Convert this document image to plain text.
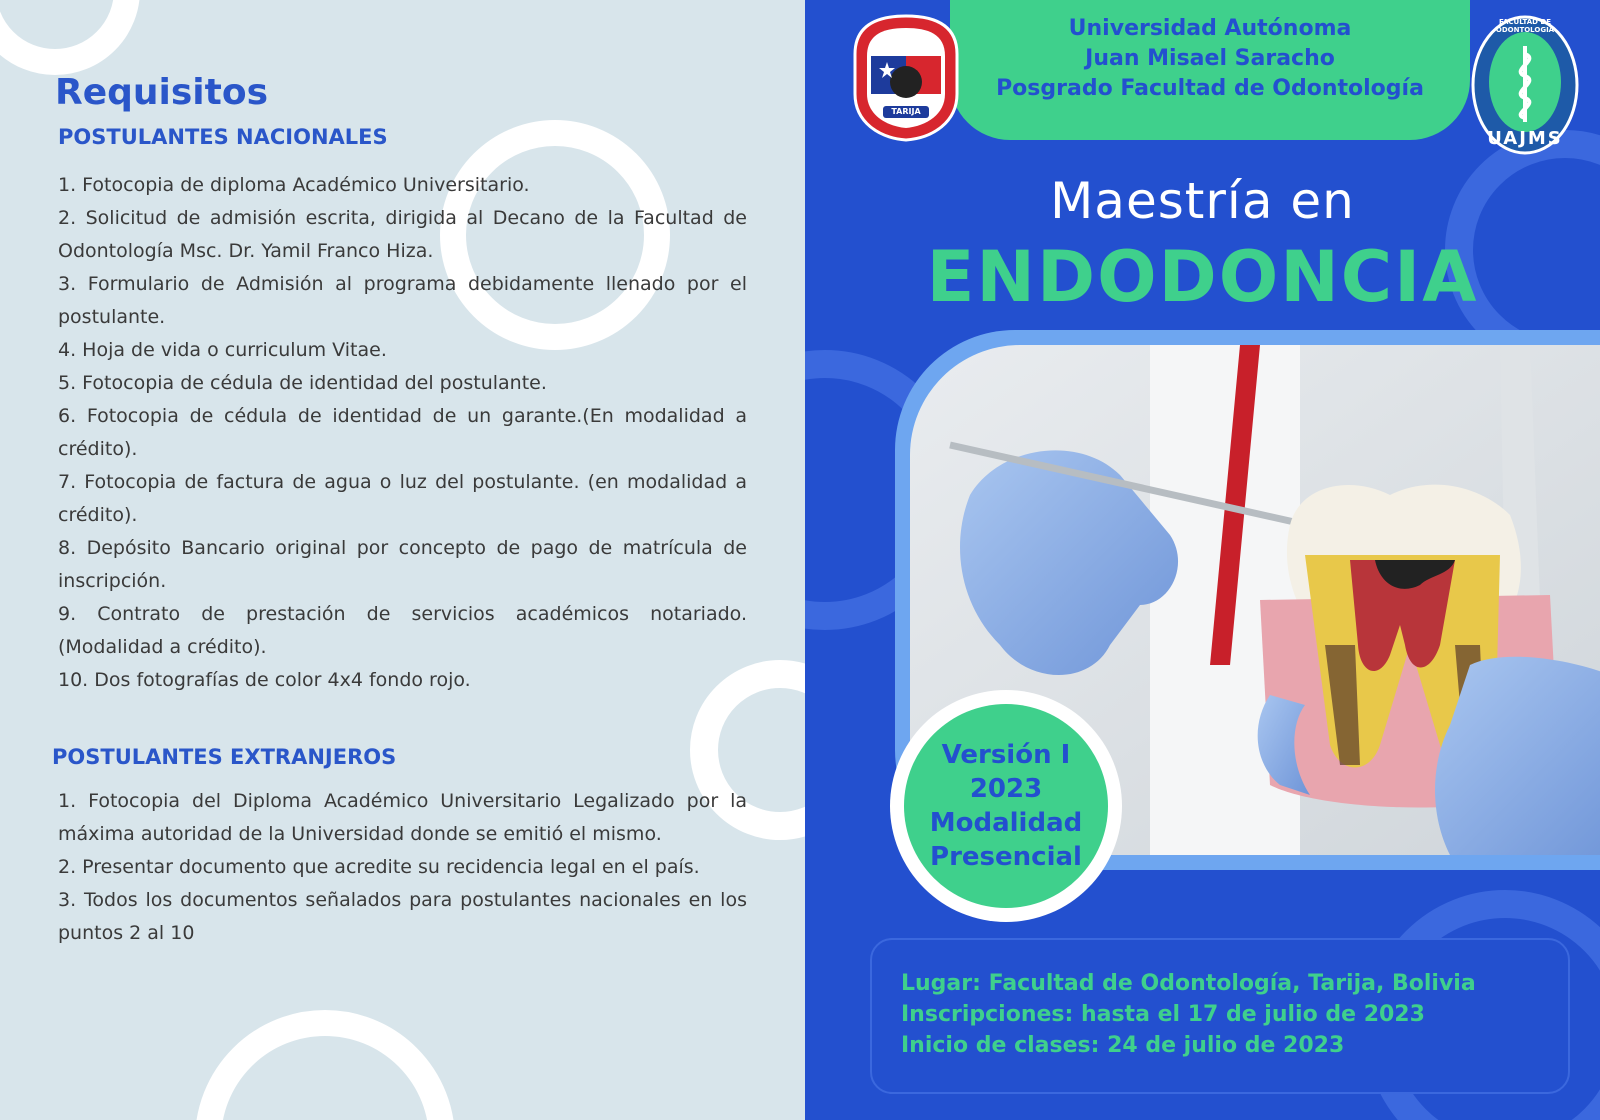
Requisitos
POSTULANTES NACIONALES
1. Fotocopia de diploma Académico Universitario.
2. Solicitud de admisión escrita, dirigida al Decano de la Facultad de Odontología Msc. Dr. Yamil Franco Hiza.
3. Formulario de Admisión al programa debidamente llenado por el postulante.
4. Hoja de vida o curriculum Vitae.
5. Fotocopia de cédula de identidad del postulante.
6. Fotocopia de cédula de identidad de un garante.(En modalidad a crédito).
7. Fotocopia de factura de agua o luz del postulante. (en modalidad a crédito).
8. Depósito Bancario original por concepto de pago de matrícula de inscripción.
9. Contrato de prestación de servicios académicos notariado. (Modalidad a crédito).
10. Dos fotografías de color 4x4 fondo rojo.
POSTULANTES EXTRANJEROS
1. Fotocopia del Diploma Académico Universitario Legalizado por la máxima autoridad de la Universidad donde se emitió el mismo.
2. Presentar documento que acredite su recidencia legal en el país.
3. Todos los documentos señalados para postulantes nacionales en los puntos 2 al 10
Universidad Autónoma
Juan Misael Saracho
Posgrado Facultad de Odontología
TARIJA
FACULTAD DE ODONTOLOGIA
UAJMS
Maestría en
ENDODONCIA
Versión I
2023
Modalidad
Presencial
Lugar: Facultad de Odontología, Tarija, Bolivia
Inscripciones: hasta el 17 de julio de 2023
Inicio de clases: 24 de julio de 2023
